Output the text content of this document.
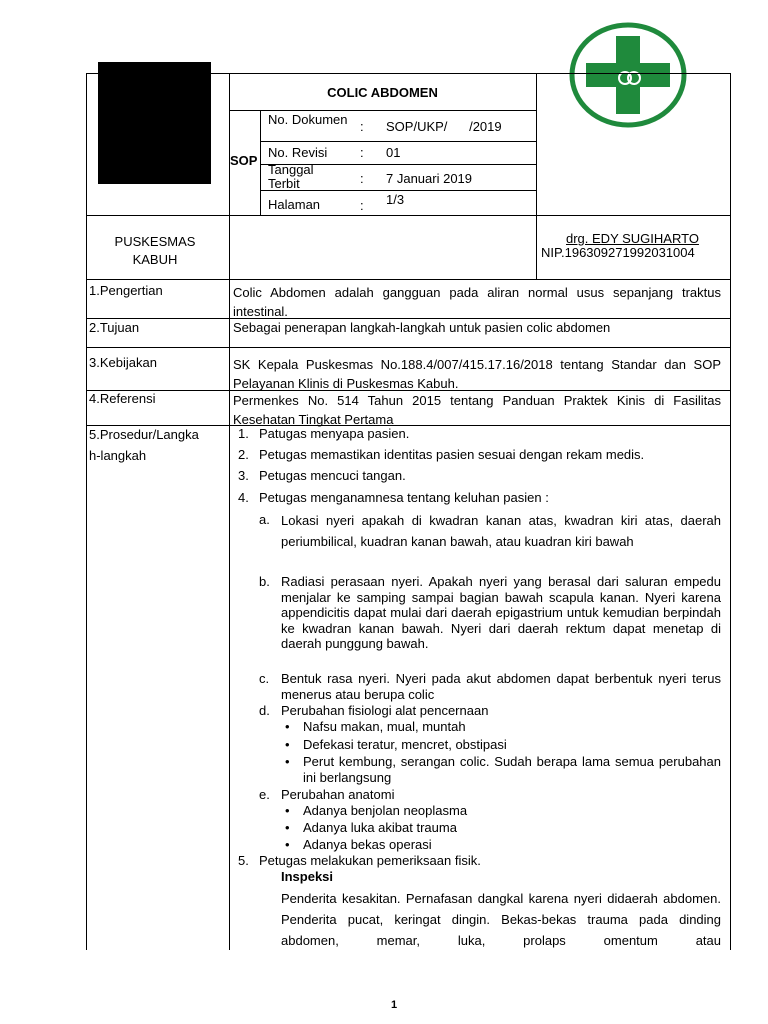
COLIC ABDOMEN
SOP
No. Dokumen : SOP/UKP/      /2019
No. Revisi	: 01
Tanggal Terbit	: 7 Januari 2019
Halaman	: 1/3
PUSKESMAS KABUH
drg. EDY SUGIHARTO
NIP.196309271992031004
1.Pengertian	Colic Abdomen adalah gangguan pada aliran normal usus sepanjang traktus intestinal.
2.Tujuan	Sebagai penerapan langkah-langkah untuk pasien colic abdomen
3.Kebijakan	SK Kepala Puskesmas No.188.4/007/415.17.16/2018 tentang Standar dan SOP Pelayanan Klinis di Puskesmas Kabuh.
4.Referensi	Permenkes No. 514 Tahun 2015 tentang Panduan Praktek Kinis di Fasilitas Kesehatan Tingkat Pertama
5.Prosedur/Langka
h-langkah
1. Patugas menyapa pasien.
2. Petugas memastikan identitas pasien sesuai dengan rekam medis.
3. Petugas mencuci tangan.
4. Petugas menganamnesa tentang keluhan pasien :
a. Lokasi nyeri apakah di kwadran kanan atas, kwadran kiri atas, daerah periumbilical, kuadran kanan bawah, atau kuadran kiri bawah
b. Radiasi perasaan nyeri. Apakah nyeri yang berasal dari saluran empedu menjalar ke samping sampai bagian bawah scapula kanan. Nyeri karena appendicitis dapat mulai dari daerah epigastrium untuk kemudian berpindah ke kwadran kanan bawah. Nyeri dari daerah rektum dapat menetap di daerah punggung bawah.
c. Bentuk rasa nyeri. Nyeri pada akut abdomen dapat berbentuk nyeri terus menerus atau berupa colic
d. Perubahan fisiologi alat pencernaan
• Nafsu makan, mual, muntah
• Defekasi teratur, mencret, obstipasi
• Perut kembung, serangan colic. Sudah berapa lama semua perubahan ini berlangsung
e. Perubahan anatomi
• Adanya benjolan neoplasma
• Adanya luka akibat trauma
• Adanya bekas operasi
5. Petugas melakukan pemeriksaan fisik.
Inspeksi
Penderita kesakitan. Pernafasan dangkal karena nyeri didaerah abdomen. Penderita pucat, keringat dingin. Bekas-bekas trauma pada dinding abdomen, memar, luka, prolaps omentum atau
1
